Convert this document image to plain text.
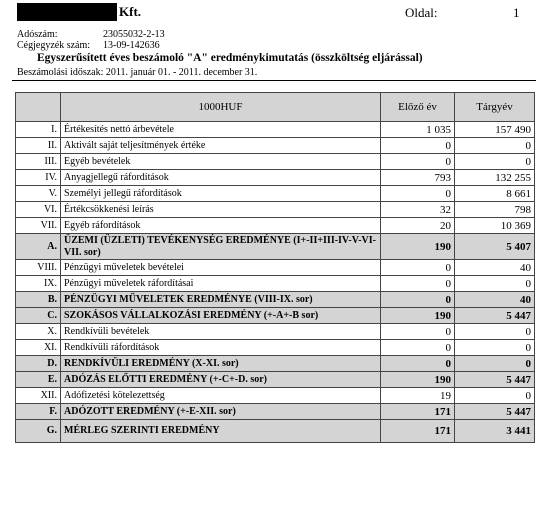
Kft.	Oldal:	1
Adószám:	23055032-2-13
Cégjegyzék szám: 13-09-142636
Egyszerűsített éves beszámoló "A" eredménykimutatás (összköltség eljárással)
Beszámolási időszak: 2011. január 01. - 2011. december 31.
	1000HUF	Előző év	Tárgyév
I.	Értékesítés nettó árbevétele	1 035	157 490
II.	Aktivált saját teljesítmények értéke	0	0
III.	Egyéb bevételek	0	0
IV.	Anyagjellegű ráfordítások	793	132 255
V.	Személyi jellegű ráfordítások	0	8 661
VI.	Értékcsökkenési leírás	32	798
VII.	Egyéb ráfordítások	20	10 369
A.	ÜZEMI (ÜZLETI) TEVÉKENYSÉG EREDMÉNYE (I+-II+III-IV-V-VI-VII. sor)	190	5 407
VIII.	Pénzügyi műveletek bevételei	0	40
IX.	Pénzügyi műveletek ráfordításai	0	0
B.	PÉNZÜGYI MŰVELETEK EREDMÉNYE (VIII-IX. sor)	0	40
C.	SZOKÁSOS VÁLLALKOZÁSI EREDMÉNY (+-A+-B sor)	190	5 447
X.	Rendkívüli bevételek	0	0
XI.	Rendkívüli ráfordítások	0	0
D.	RENDKÍVÜLI EREDMÉNY (X-XI. sor)	0	0
E.	ADÓZÁS ELŐTTI EREDMÉNY (+-C+-D. sor)	190	5 447
XII.	Adófizetési kötelezettség	19	0
F.	ADÓZOTT EREDMÉNY (+-E-XII. sor)	171	5 447
G.	MÉRLEG SZERINTI EREDMÉNY	171	3 441
